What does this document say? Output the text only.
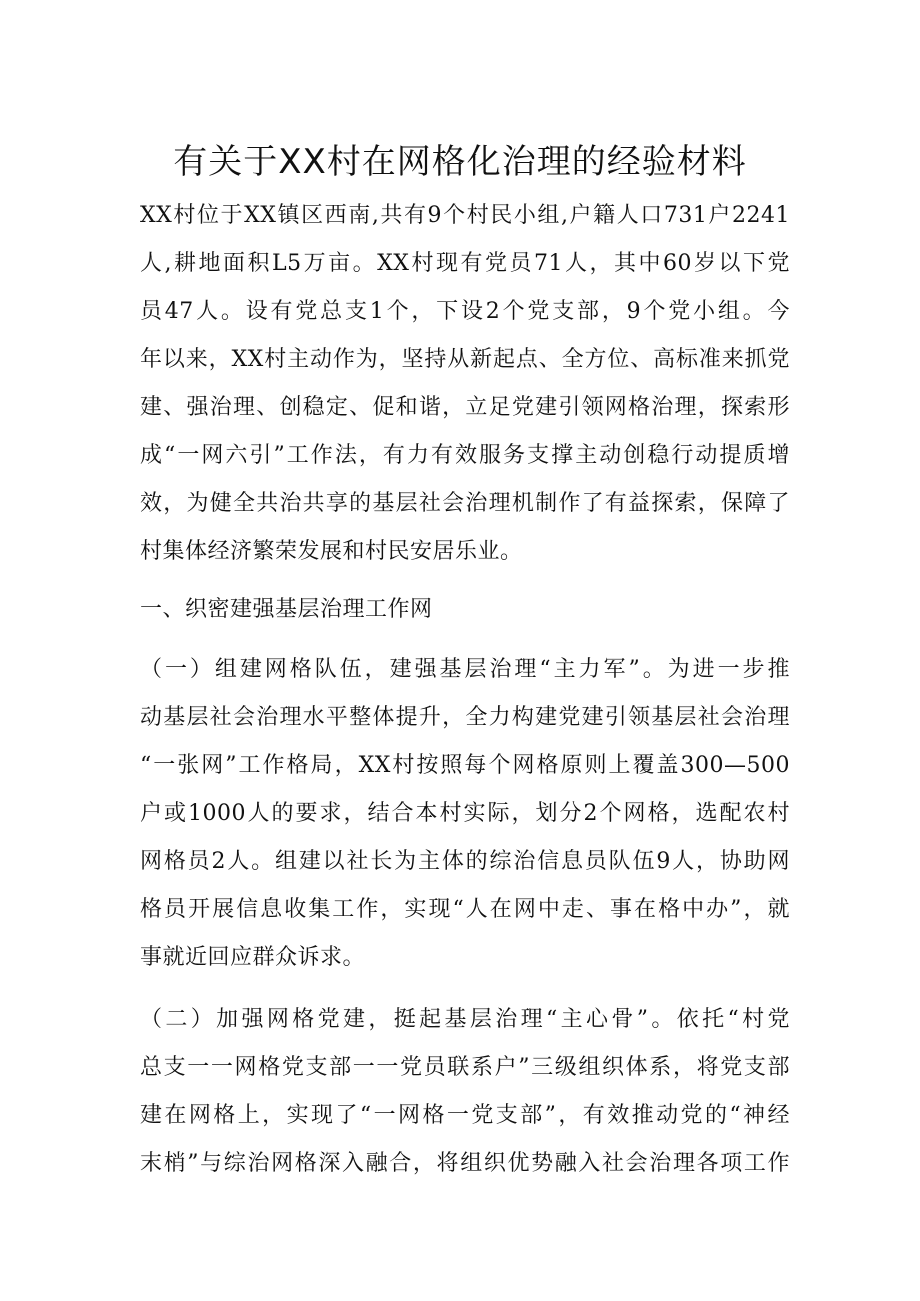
有关于XX村在网格化治理的经验材料

XX村位于XX镇区西南,共有9个村民小组,户籍人口731户2241

人,耕地面积L5万亩。XX村现有党员71人，其中60岁以下党

员47人。设有党总支1个，下设2个党支部，9个党小组。今

年以来，XX村主动作为，坚持从新起点、全方位、高标准来抓党

建、强治理、创稳定、促和谐，立足党建引领网格治理，探索形

成“一网六引”工作法，有力有效服务支撑主动创稳行动提质增

效，为健全共治共享的基层社会治理机制作了有益探索，保障了

村集体经济繁荣发展和村民安居乐业。

一、织密建强基层治理工作网

（一）组建网格队伍，建强基层治理“主力军”。为进一步推

动基层社会治理水平整体提升，全力构建党建引领基层社会治理

“一张网”工作格局，XX村按照每个网格原则上覆盖300—500

户或1000人的要求，结合本村实际，划分2个网格，选配农村

网格员2人。组建以社长为主体的综治信息员队伍9人，协助网

格员开展信息收集工作，实现“人在网中走、事在格中办”，就

事就近回应群众诉求。

（二）加强网格党建，挺起基层治理“主心骨”。依托“村党

总支一一网格党支部一一党员联系户”三级组织体系，将党支部

建在网格上，实现了“一网格一党支部”，有效推动党的“神经

末梢”与综治网格深入融合，将组织优势融入社会治理各项工作
